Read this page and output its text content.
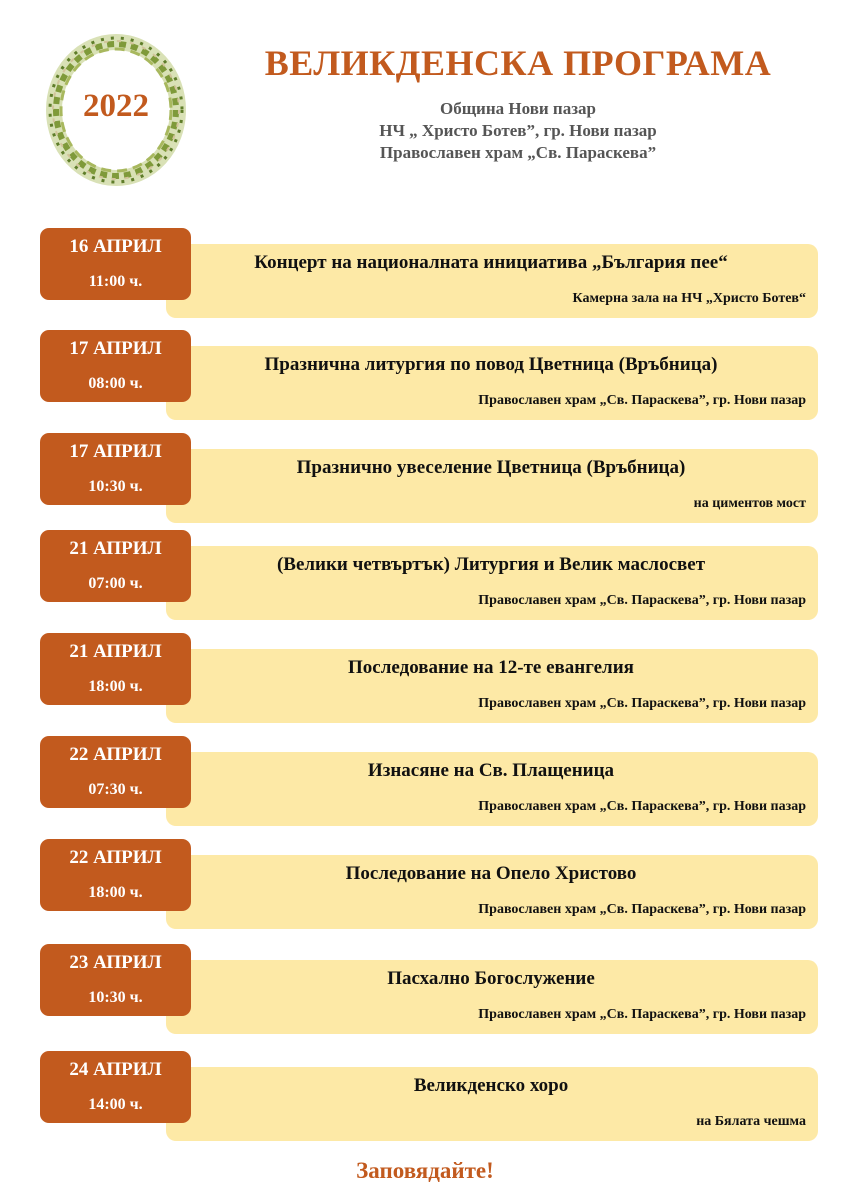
2022
ВЕЛИКДЕНСКА ПРОГРАМА
Община Нови пазар
НЧ „ Христо Ботев”, гр. Нови пазар
Православен храм „Св. Параскева”
16 АПРИЛ
11:00 ч.
Концерт на националната инициатива „България пее“
Камерна зала на НЧ „Христо Ботев“
17 АПРИЛ
08:00 ч.
Празнична литургия по повод Цветница (Връбница)
Православен храм „Св. Параскева”, гр. Нови пазар
17 АПРИЛ
10:30 ч.
Празнично увеселение Цветница (Връбница)
на циментов мост
21 АПРИЛ
07:00 ч.
(Велики четвъртък) Литургия и Велик маслосвет
Православен храм „Св. Параскева”, гр. Нови пазар
21 АПРИЛ
18:00 ч.
Последование на 12-те евангелия
Православен храм „Св. Параскева”, гр. Нови пазар
22 АПРИЛ
07:30 ч.
Изнасяне на Св. Плащеница
Православен храм „Св. Параскева”, гр. Нови пазар
22 АПРИЛ
18:00 ч.
Последование на Опело Христово
Православен храм „Св. Параскева”, гр. Нови пазар
23 АПРИЛ
10:30 ч.
Пасхално Богослужение
Православен храм „Св. Параскева”, гр. Нови пазар
24 АПРИЛ
14:00 ч.
Великденско хоро
на Бялата чешма
Заповядайте!
